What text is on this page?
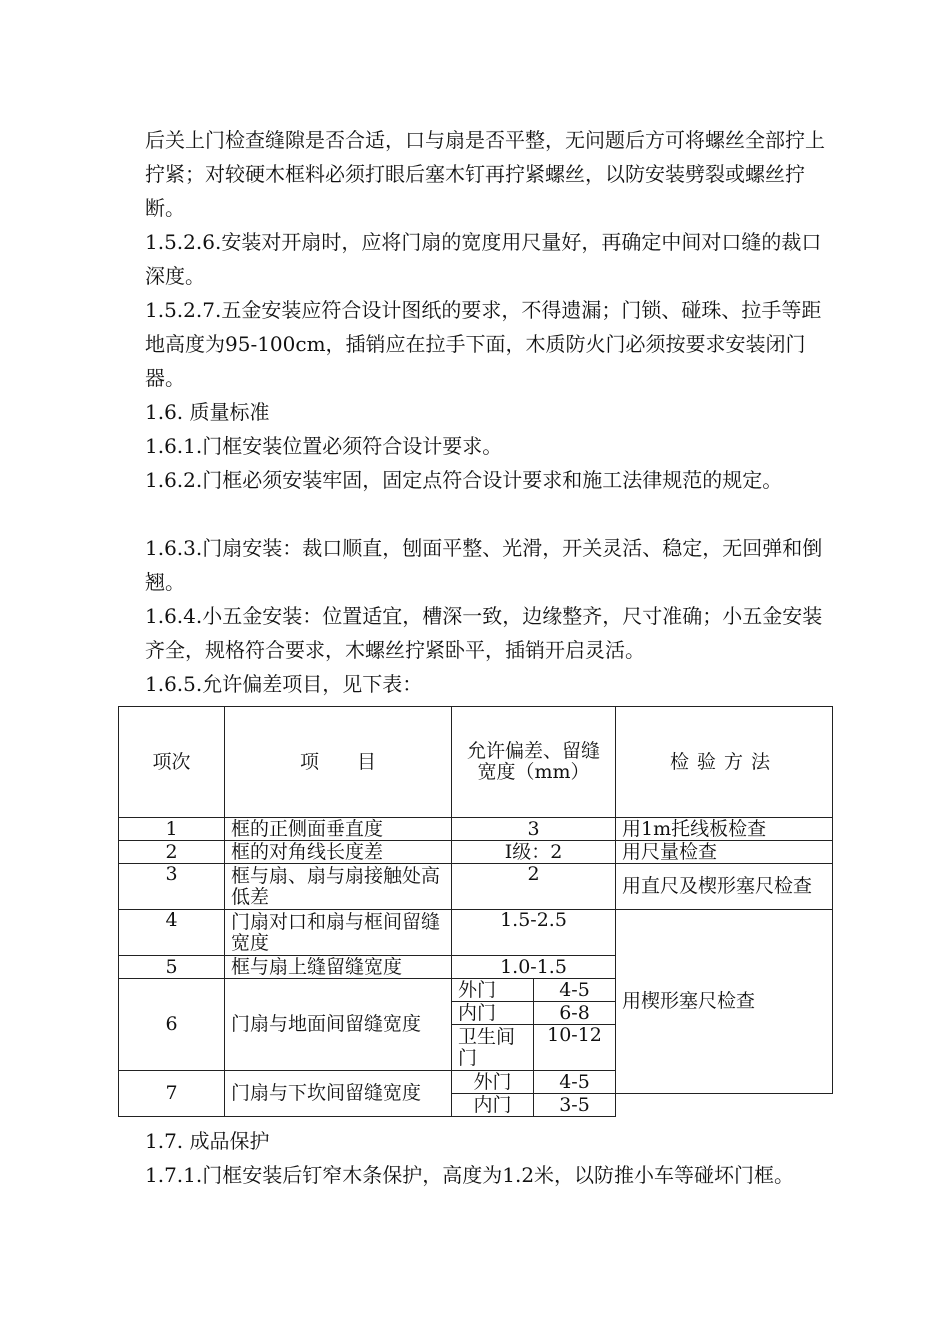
后关上门检查缝隙是否合适，口与扇是否平整，无问题后方可将螺丝全部拧上拧紧；对较硬木框料必须打眼后塞木钉再拧紧螺丝，以防安装劈裂或螺丝拧断。

1.5.2.6.安装对开扇时，应将门扇的宽度用尺量好，再确定中间对口缝的裁口深度。

1.5.2.7.五金安装应符合设计图纸的要求，不得遗漏；门锁、碰珠、拉手等距地高度为95-100cm，插销应在拉手下面，木质防火门必须按要求安装闭门器。

1.6. 质量标准

1.6.1.门框安装位置必须符合设计要求。

1.6.2.门框必须安装牢固，固定点符合设计要求和施工法律规范的规定。

1.6.3.门扇安装：裁口顺直，刨面平整、光滑，开关灵活、稳定，无回弹和倒翘。

1.6.4.小五金安装：位置适宜，槽深一致，边缘整齐，尺寸准确；小五金安装齐全，规格符合要求，木螺丝拧紧卧平，插销开启灵活。

1.6.5.允许偏差项目，见下表：

项次	项　　目	允许偏差、留缝宽度（mm）		检验方法
1	框的正侧面垂直度	3		用1m托线板检查
2	框的对角线长度差	Ⅰ级：2		用尺量检查
3	框与扇、扇与扇接触处高低差	2		用直尺及楔形塞尺检查
4	门扇对口和扇与框间留缝宽度	1.5-2.5		用楔形塞尺检查
5	框与扇上缝留缝宽度	1.0-1.5		
6	门扇与地面间留缝宽度	外门	4-5	
		内门	6-8	
		卫生间门	10-12	
7	门扇与下坎间留缝宽度	外门	4-5	
		内门	3-5	

1.7. 成品保护

1.7.1.门框安装后钉窄木条保护，高度为1.2米，以防推小车等碰坏门框。
